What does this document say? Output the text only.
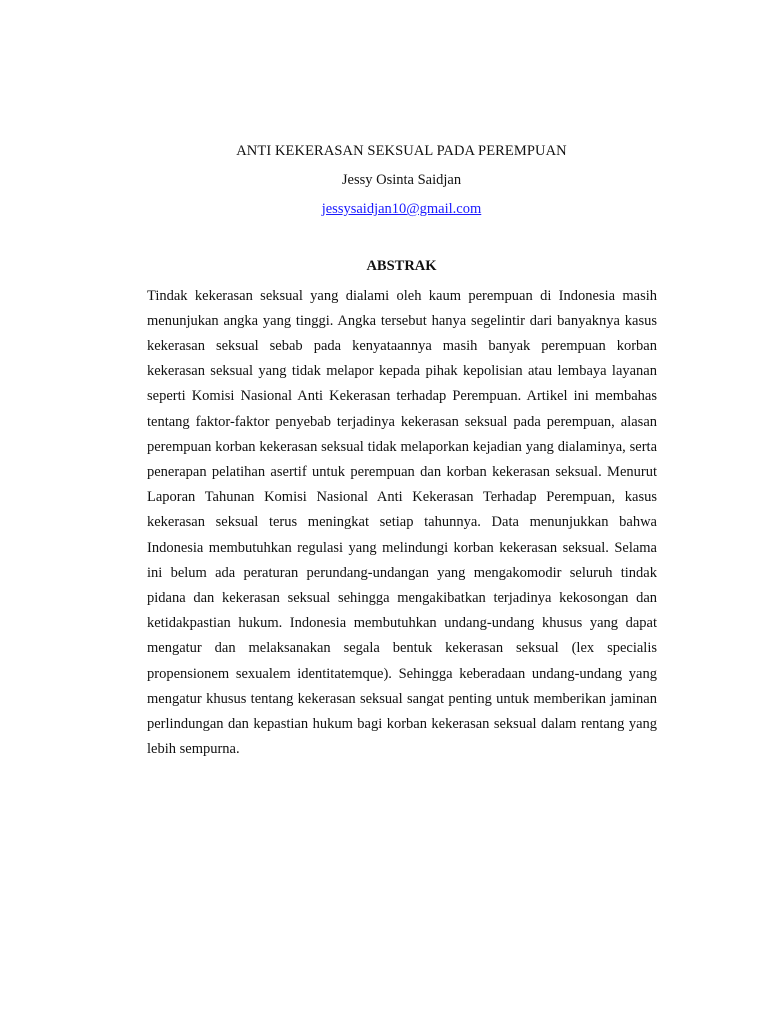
ANTI KEKERASAN SEKSUAL PADA PEREMPUAN

Jessy Osinta Saidjan

jessysaidjan10@gmail.com

ABSTRAK

Tindak kekerasan seksual yang dialami oleh kaum perempuan di Indonesia masih menunjukan angka yang tinggi. Angka tersebut hanya segelintir dari banyaknya kasus kekerasan seksual sebab pada kenyataannya masih banyak perempuan korban kekerasan seksual yang tidak melapor kepada pihak kepolisian atau lembaya layanan seperti Komisi Nasional Anti Kekerasan terhadap Perempuan. Artikel ini membahas tentang faktor-faktor penyebab terjadinya kekerasan seksual pada perempuan, alasan perempuan korban kekerasan seksual tidak melaporkan kejadian yang dialaminya, serta penerapan pelatihan asertif untuk perempuan dan korban kekerasan seksual. Menurut Laporan Tahunan Komisi Nasional Anti Kekerasan Terhadap Perempuan, kasus kekerasan seksual terus meningkat setiap tahunnya. Data menunjukkan bahwa Indonesia membutuhkan regulasi yang melindungi korban kekerasan seksual. Selama ini belum ada peraturan perundang-undangan yang mengakomodir seluruh tindak pidana dan kekerasan seksual sehingga mengakibatkan terjadinya kekosongan dan ketidakpastian hukum. Indonesia membutuhkan undang-undang khusus yang dapat mengatur dan melaksanakan segala bentuk kekerasan seksual (lex specialis propensionem sexualem identitatemque). Sehingga keberadaan undang-undang yang mengatur khusus tentang kekerasan seksual sangat penting untuk memberikan jaminan perlindungan dan kepastian hukum bagi korban kekerasan seksual dalam rentang yang lebih sempurna.
